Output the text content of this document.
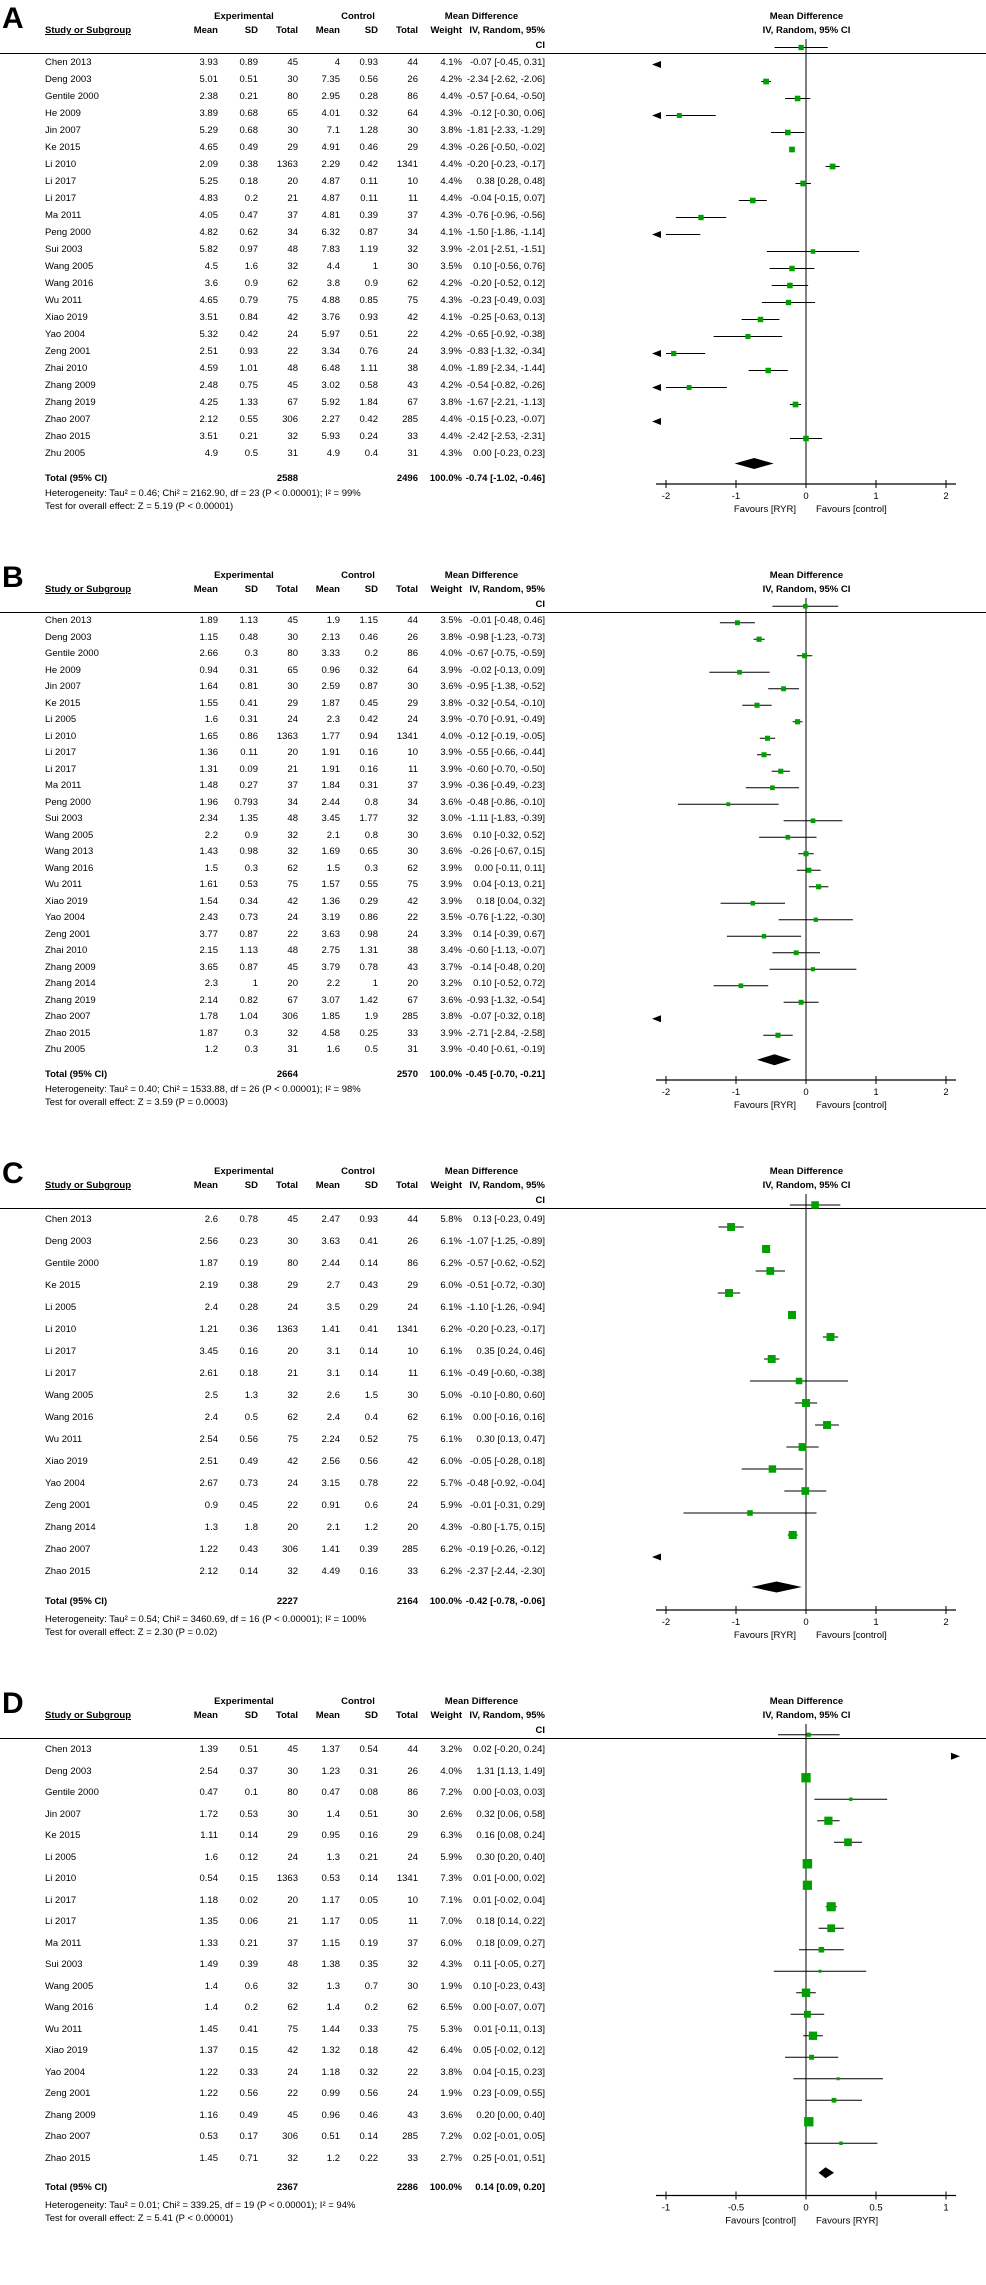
A	Experimental	Control	Mean Difference	Mean Difference
Study or Subgroup	Mean	SD	Total	Mean	SD	Total	Weight IV, Random, 95% CI
IV, Random, 95% CI
Chen 2013	3.93	0.89	45	4	0.93	44	4.1% -0.07 [-0.45, 0.31]
Deng 2003	5.01	0.51	30	7.35	0.56	26	4.2% -2.34 [-2.62, -2.06]
Gentile 2000	2.38	0.21	80	2.95	0.28	86	4.4% -0.57 [-0.64, -0.50]
He 2009	3.89	0.68	65	4.01	0.32	64	4.3% -0.12 [-0.30, 0.06]
Jin 2007	5.29	0.68	30	7.1	1.28	30	3.8% -1.81 [-2.33, -1.29]
Ke 2015	4.65	0.49	29	4.91	0.46	29	4.3% -0.26 [-0.50, -0.02]
Li 2010	2.09	0.38	1363	2.29	0.42	1341	4.4% -0.20 [-0.23, -0.17]
Li 2017	5.25	0.18	20	4.87	0.11	10	4.4%	0.38 [0.28, 0.48]
Li 2017	4.83	0.2	21	4.87	0.11	11	4.4% -0.04 [-0.15, 0.07]
Ma 2011	4.05	0.47	37	4.81	0.39	37	4.3% -0.76 [-0.96, -0.56]
Peng 2000	4.82	0.62	34	6.32	0.87	34	4.1% -1.50 [-1.86, -1.14]
Sui 2003	5.82	0.97	48	7.83	1.19	32	3.9% -2.01 [-2.51, -1.51]
Wang 2005	4.5	1.6	32	4.4	1	30	3.5%	0.10 [-0.56, 0.76]
Wang 2016	3.6	0.9	62	3.8	0.9	62	4.2% -0.20 [-0.52, 0.12]
Wu 2011	4.65	0.79	75	4.88	0.85	75	4.3% -0.23 [-0.49, 0.03]
Xiao 2019	3.51	0.84	42	3.76	0.93	42	4.1% -0.25 [-0.63, 0.13]
Yao 2004	5.32	0.42	24	5.97	0.51	22	4.2% -0.65 [-0.92, -0.38]
Zeng 2001	2.51	0.93	22	3.34	0.76	24	3.9% -0.83 [-1.32, -0.34]
Zhai 2010	4.59	1.01	48	6.48	1.11	38	4.0% -1.89 [-2.34, -1.44]
Zhang 2009	2.48	0.75	45	3.02	0.58	43	4.2% -0.54 [-0.82, -0.26]
Zhang 2019	4.25	1.33	67	5.92	1.84	67	3.8% -1.67 [-2.21, -1.13]
Zhao 2007	2.12	0.55	306	2.27	0.42	285	4.4% -0.15 [-0.23, -0.07]
Zhao 2015	3.51	0.21	32	5.93	0.24	33	4.4% -2.42 [-2.53, -2.31]
Zhu 2005	4.9	0.5	31	4.9	0.4	31	4.3%	0.00 [-0.23, 0.23]
Total (95% CI)	2588	2496	100.0% -0.74 [-1.02, -0.46]
Heterogeneity: Tau² = 0.46; Chi² = 2162.90, df = 23 (P < 0.00001); I² = 99%
Test for overall effect: Z = 5.19 (P < 0.00001)
-2	-1	0	1	2
Favours [RYR] Favours [control]
B	Experimental	Control	Mean Difference	Mean Difference
Study or Subgroup	Mean	SD	Total	Mean	SD	Total	Weight IV, Random, 95% CI
IV, Random, 95% CI
Chen 2013	1.89	1.13	45	1.9	1.15	44	3.5% -0.01 [-0.48, 0.46]
Deng 2003	1.15	0.48	30	2.13	0.46	26	3.8% -0.98 [-1.23, -0.73]
Gentile 2000	2.66	0.3	80	3.33	0.2	86	4.0% -0.67 [-0.75, -0.59]
He 2009	0.94	0.31	65	0.96	0.32	64	3.9% -0.02 [-0.13, 0.09]
Jin 2007	1.64	0.81	30	2.59	0.87	30	3.6% -0.95 [-1.38, -0.52]
Ke 2015	1.55	0.41	29	1.87	0.45	29	3.8% -0.32 [-0.54, -0.10]
Li 2005	1.6	0.31	24	2.3	0.42	24	3.9% -0.70 [-0.91, -0.49]
Li 2010	1.65	0.86	1363	1.77	0.94	1341	4.0% -0.12 [-0.19, -0.05]
Li 2017	1.36	0.11	20	1.91	0.16	10	3.9% -0.55 [-0.66, -0.44]
Li 2017	1.31	0.09	21	1.91	0.16	11	3.9% -0.60 [-0.70, -0.50]
Ma 2011	1.48	0.27	37	1.84	0.31	37	3.9% -0.36 [-0.49, -0.23]
Peng 2000	1.96	0.793	34	2.44	0.8	34	3.6% -0.48 [-0.86, -0.10]
Sui 2003	2.34	1.35	48	3.45	1.77	32	3.0% -1.11 [-1.83, -0.39]
Wang 2005	2.2	0.9	32	2.1	0.8	30	3.6%	0.10 [-0.32, 0.52]
Wang 2013	1.43	0.98	32	1.69	0.65	30	3.6% -0.26 [-0.67, 0.15]
Wang 2016	1.5	0.3	62	1.5	0.3	62	3.9%	0.00 [-0.11, 0.11]
Wu 2011	1.61	0.53	75	1.57	0.55	75	3.9%	0.04 [-0.13, 0.21]
Xiao 2019	1.54	0.34	42	1.36	0.29	42	3.9%	0.18 [0.04, 0.32]
Yao 2004	2.43	0.73	24	3.19	0.86	22	3.5% -0.76 [-1.22, -0.30]
Zeng 2001	3.77	0.87	22	3.63	0.98	24	3.3%	0.14 [-0.39, 0.67]
Zhai 2010	2.15	1.13	48	2.75	1.31	38	3.4% -0.60 [-1.13, -0.07]
Zhang 2009	3.65	0.87	45	3.79	0.78	43	3.7% -0.14 [-0.48, 0.20]
Zhang 2014	2.3	1	20	2.2	1	20	3.2%	0.10 [-0.52, 0.72]
Zhang 2019	2.14	0.82	67	3.07	1.42	67	3.6% -0.93 [-1.32, -0.54]
Zhao 2007	1.78	1.04	306	1.85	1.9	285	3.8% -0.07 [-0.32, 0.18]
Zhao 2015	1.87	0.3	32	4.58	0.25	33	3.9% -2.71 [-2.84, -2.58]
Zhu 2005	1.2	0.3	31	1.6	0.5	31	3.9% -0.40 [-0.61, -0.19]
Total (95% CI)	2664	2570	100.0% -0.45 [-0.70, -0.21]
Heterogeneity: Tau² = 0.40; Chi² = 1533.88, df = 26 (P < 0.00001); I² = 98%
Test for overall effect: Z = 3.59 (P = 0.0003)
-2	-1	0	1	2
Favours [RYR] Favours [control]
C	Experimental	Control	Mean Difference	Mean Difference
Study or Subgroup	Mean	SD	Total	Mean	SD	Total	Weight IV, Random, 95% CI
IV, Random, 95% CI
Chen 2013	2.6	0.78	45	2.47	0.93	44	5.8%	0.13 [-0.23, 0.49]
Deng 2003	2.56	0.23	30	3.63	0.41	26	6.1% -1.07 [-1.25, -0.89]
Gentile 2000	1.87	0.19	80	2.44	0.14	86	6.2% -0.57 [-0.62, -0.52]
Ke 2015	2.19	0.38	29	2.7	0.43	29	6.0% -0.51 [-0.72, -0.30]
Li 2005	2.4	0.28	24	3.5	0.29	24	6.1% -1.10 [-1.26, -0.94]
Li 2010	1.21	0.36	1363	1.41	0.41	1341	6.2% -0.20 [-0.23, -0.17]
Li 2017	3.45	0.16	20	3.1	0.14	10	6.1%	0.35 [0.24, 0.46]
Li 2017	2.61	0.18	21	3.1	0.14	11	6.1% -0.49 [-0.60, -0.38]
Wang 2005	2.5	1.3	32	2.6	1.5	30	5.0% -0.10 [-0.80, 0.60]
Wang 2016	2.4	0.5	62	2.4	0.4	62	6.1%	0.00 [-0.16, 0.16]
Wu 2011	2.54	0.56	75	2.24	0.52	75	6.1%	0.30 [0.13, 0.47]
Xiao 2019	2.51	0.49	42	2.56	0.56	42	6.0% -0.05 [-0.28, 0.18]
Yao 2004	2.67	0.73	24	3.15	0.78	22	5.7% -0.48 [-0.92, -0.04]
Zeng 2001	0.9	0.45	22	0.91	0.6	24	5.9% -0.01 [-0.31, 0.29]
Zhang 2014	1.3	1.8	20	2.1	1.2	20	4.3% -0.80 [-1.75, 0.15]
Zhao 2007	1.22	0.43	306	1.41	0.39	285	6.2% -0.19 [-0.26, -0.12]
Zhao 2015	2.12	0.14	32	4.49	0.16	33	6.2% -2.37 [-2.44, -2.30]
Total (95% CI)	2227	2164	100.0% -0.42 [-0.78, -0.06]
Heterogeneity: Tau² = 0.54; Chi² = 3460.69, df = 16 (P < 0.00001); I² = 100%
Test for overall effect: Z = 2.30 (P = 0.02)
-2	-1	0	1	2
Favours [RYR] Favours [control]
D	Experimental	Control	Mean Difference	Mean Difference
Study or Subgroup	Mean	SD	Total	Mean	SD	Total	Weight IV, Random, 95% CI
IV, Random, 95% CI
Chen 2013	1.39	0.51	45	1.37	0.54	44	3.2%	0.02 [-0.20, 0.24]
Deng 2003	2.54	0.37	30	1.23	0.31	26	4.0%	1.31 [1.13, 1.49]
Gentile 2000	0.47	0.1	80	0.47	0.08	86	7.2%	0.00 [-0.03, 0.03]
Jin 2007	1.72	0.53	30	1.4	0.51	30	2.6%	0.32 [0.06, 0.58]
Ke 2015	1.11	0.14	29	0.95	0.16	29	6.3%	0.16 [0.08, 0.24]
Li 2005	1.6	0.12	24	1.3	0.21	24	5.9%	0.30 [0.20, 0.40]
Li 2010	0.54	0.15	1363	0.53	0.14	1341	7.3%	0.01 [-0.00, 0.02]
Li 2017	1.18	0.02	20	1.17	0.05	10	7.1%	0.01 [-0.02, 0.04]
Li 2017	1.35	0.06	21	1.17	0.05	11	7.0%	0.18 [0.14, 0.22]
Ma 2011	1.33	0.21	37	1.15	0.19	37	6.0%	0.18 [0.09, 0.27]
Sui 2003	1.49	0.39	48	1.38	0.35	32	4.3%	0.11 [-0.05, 0.27]
Wang 2005	1.4	0.6	32	1.3	0.7	30	1.9%	0.10 [-0.23, 0.43]
Wang 2016	1.4	0.2	62	1.4	0.2	62	6.5%	0.00 [-0.07, 0.07]
Wu 2011	1.45	0.41	75	1.44	0.33	75	5.3%	0.01 [-0.11, 0.13]
Xiao 2019	1.37	0.15	42	1.32	0.18	42	6.4%	0.05 [-0.02, 0.12]
Yao 2004	1.22	0.33	24	1.18	0.32	22	3.8%	0.04 [-0.15, 0.23]
Zeng 2001	1.22	0.56	22	0.99	0.56	24	1.9%	0.23 [-0.09, 0.55]
Zhang 2009	1.16	0.49	45	0.96	0.46	43	3.6%	0.20 [0.00, 0.40]
Zhao 2007	0.53	0.17	306	0.51	0.14	285	7.2%	0.02 [-0.01, 0.05]
Zhao 2015	1.45	0.71	32	1.2	0.22	33	2.7%	0.25 [-0.01, 0.51]
Total (95% CI)	2367	2286	100.0%	0.14 [0.09, 0.20]
Heterogeneity: Tau² = 0.01; Chi² = 339.25, df = 19 (P < 0.00001); I² = 94%
Test for overall effect: Z = 5.41 (P < 0.00001)
-1	-0.5	0	0.5	1
Favours [control] Favours [RYR]
